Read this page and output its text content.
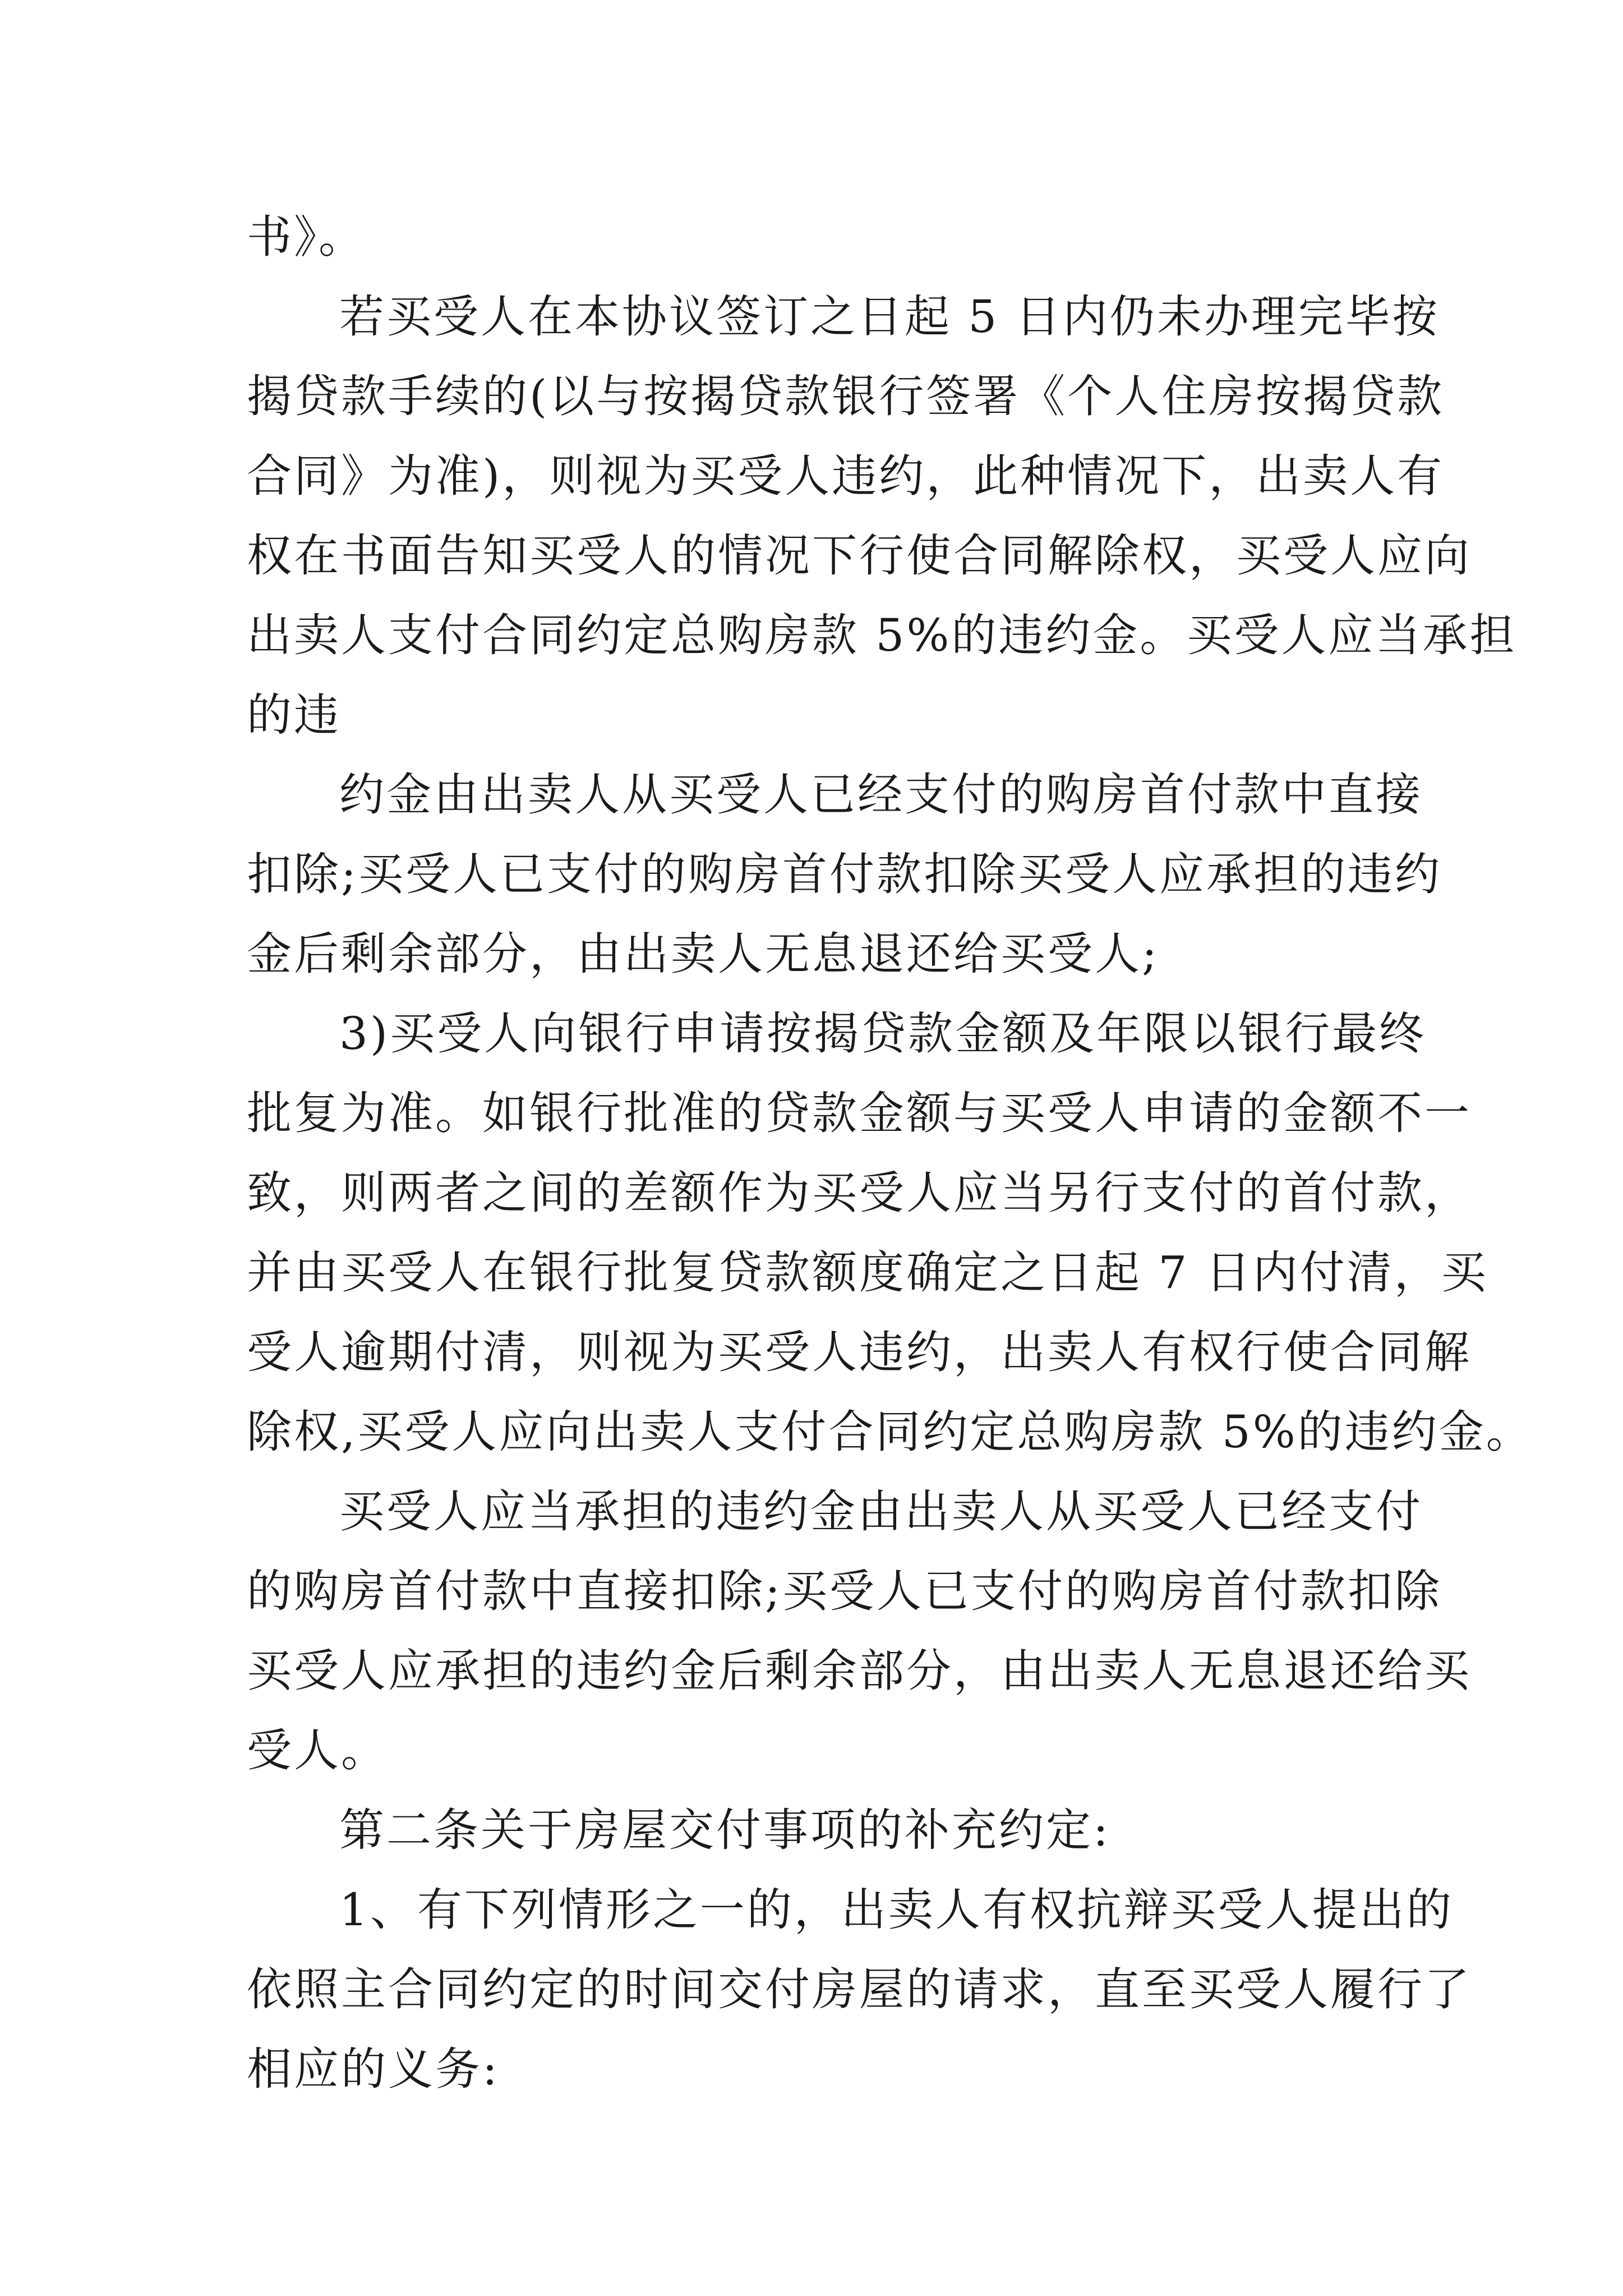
书》。
若买受人在本协议签订之日起 5 日内仍未办理完毕按
揭贷款手续的(以与按揭贷款银行签署《个人住房按揭贷款
合同》为准)，则视为买受人违约，此种情况下，出卖人有
权在书面告知买受人的情况下行使合同解除权，买受人应向
出卖人支付合同约定总购房款 5%的违约金。买受人应当承担
的违
约金由出卖人从买受人已经支付的购房首付款中直接
扣除;买受人已支付的购房首付款扣除买受人应承担的违约
金后剩余部分，由出卖人无息退还给买受人;
3)买受人向银行申请按揭贷款金额及年限以银行最终
批复为准。如银行批准的贷款金额与买受人申请的金额不一
致，则两者之间的差额作为买受人应当另行支付的首付款，
并由买受人在银行批复贷款额度确定之日起 7 日内付清，买
受人逾期付清，则视为买受人违约，出卖人有权行使合同解
除权,买受人应向出卖人支付合同约定总购房款 5%的违约金。
买受人应当承担的违约金由出卖人从买受人已经支付
的购房首付款中直接扣除;买受人已支付的购房首付款扣除
买受人应承担的违约金后剩余部分，由出卖人无息退还给买
受人。
第二条关于房屋交付事项的补充约定:
1、有下列情形之一的，出卖人有权抗辩买受人提出的
依照主合同约定的时间交付房屋的请求，直至买受人履行了
相应的义务:
